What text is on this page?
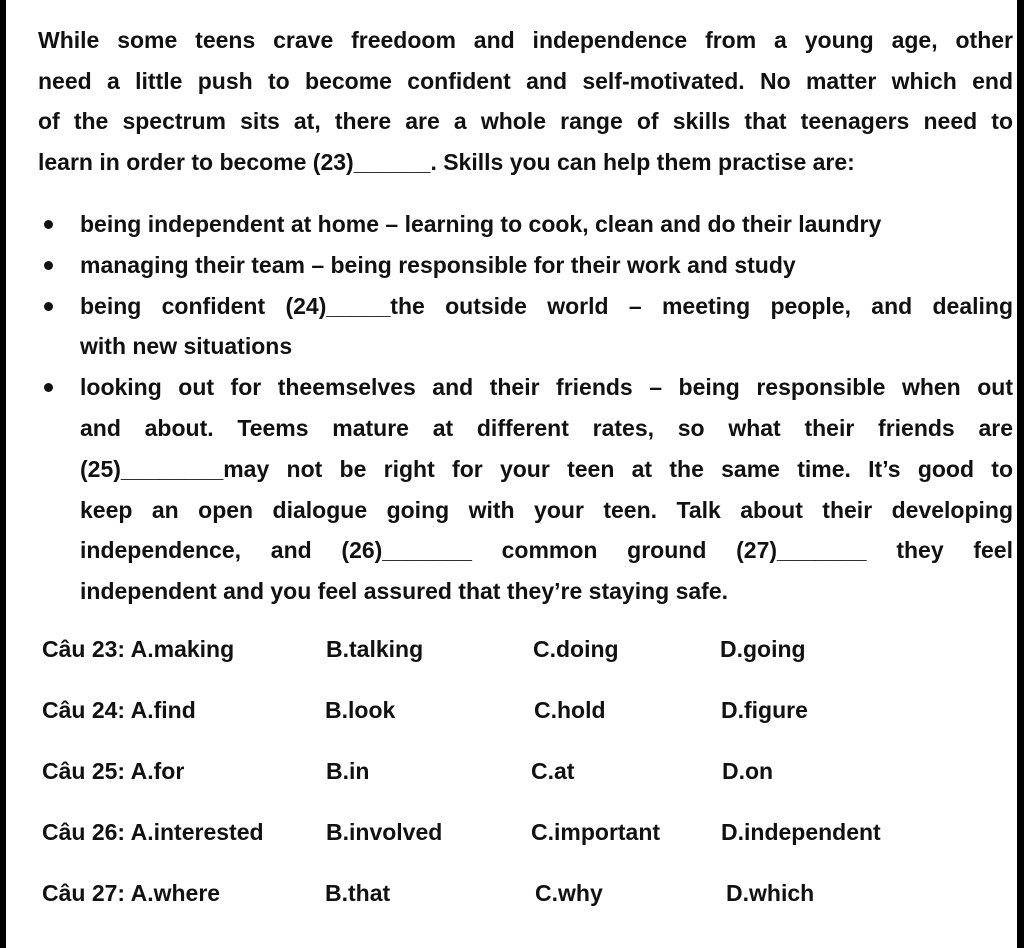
While some teens crave freedoom and independence from a young age, other
need a little push to become confident and self-motivated. No matter which end
of the spectrum sits at, there are a whole range of skills that teenagers need to
learn in order to become (23)______. Skills you can help them practise are:

being independent at home – learning to cook, clean and do their laundry
managing their team – being responsible for their work and study
being confident (24)_____the outside world – meeting people, and dealing
with new situations
looking out for theemselves and their friends – being responsible when out
and about. Teems mature at different rates, so what their friends are
(25)________may not be right for your teen at the same time. It’s good to
keep an open dialogue going with your teen. Talk about their developing
independence, and (26)_______ common ground (27)_______ they feel
independent and you feel assured that they’re staying safe.
Câu 23: A.making	B.talking	C.doing	D.going
Câu 24: A.find	B.look	C.hold	D.figure
Câu 25: A.for	B.in	C.at	D.on
Câu 26: A.interested	B.involved	C.important	D.independent
Câu 27: A.where	B.that	C.why	D.which
